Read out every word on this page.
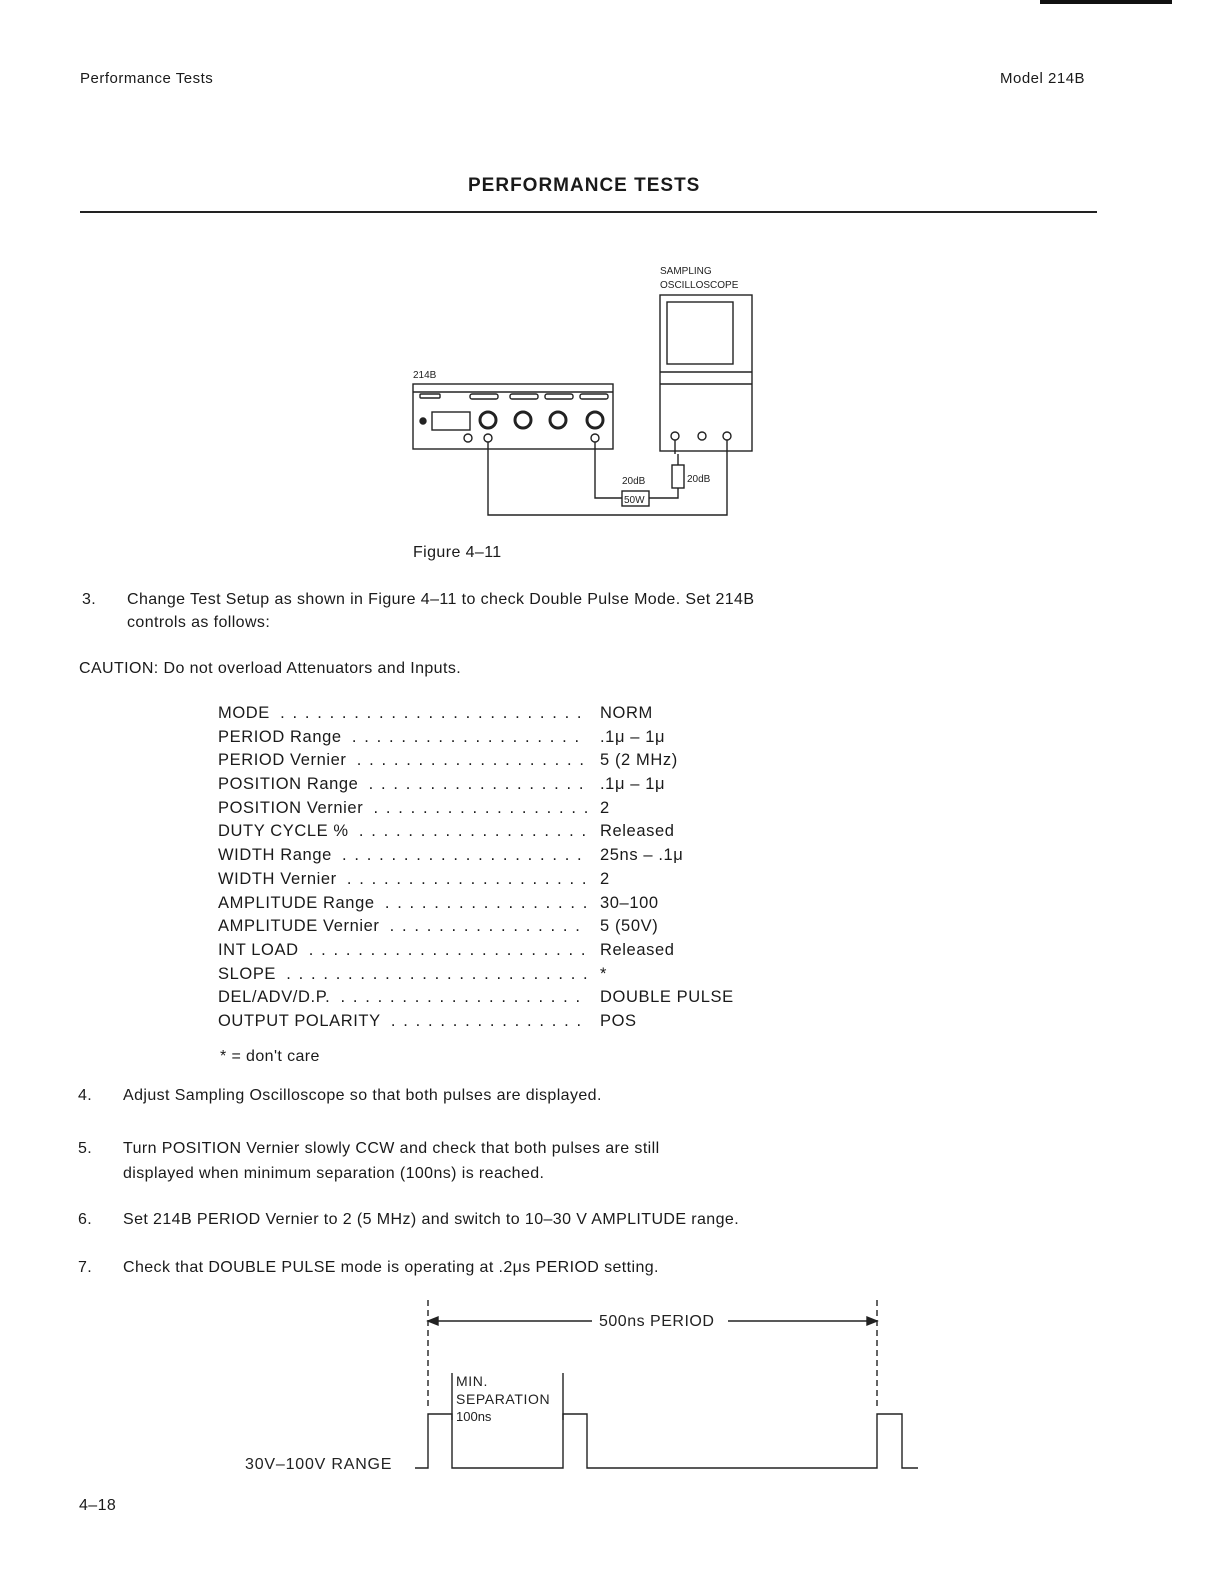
Performance Tests	Model 214B
PERFORMANCE TESTS
214B
SAMPLING
OSCILLOSCOPE
20dB	20dB
50W
Figure 4–11
3. Change Test Setup as shown in Figure 4–11 to check Double Pulse Mode. Set 214B
controls as follows:
CAUTION: Do not overload Attenuators and Inputs.
MODE . . .	NORM
PERIOD Range . . .	.1μ – 1μ
PERIOD Vernier . . .	5 (2 MHz)
POSITION Range . . .	.1μ – 1μ
POSITION Vernier . . .	2
DUTY CYCLE % . . .	Released
WIDTH Range . . .	25ns – .1μ
WIDTH Vernier . . .	2
AMPLITUDE Range . . .	30–100
AMPLITUDE Vernier . . .	5 (50V)
INT LOAD . . .	Released
SLOPE . . .	*
DEL/ADV/D.P. . . .	DOUBLE PULSE
OUTPUT POLARITY . . .	POS
* = don't care
4. Adjust Sampling Oscilloscope so that both pulses are displayed.
5. Turn POSITION Vernier slowly CCW and check that both pulses are still
displayed when minimum separation (100ns) is reached.
6. Set 214B PERIOD Vernier to 2 (5 MHz) and switch to 10–30 V AMPLITUDE range.
7. Check that DOUBLE PULSE mode is operating at .2μs PERIOD setting.
500ns PERIOD
MIN.
SEPARATION
100ns
30V–100V RANGE
4–18
